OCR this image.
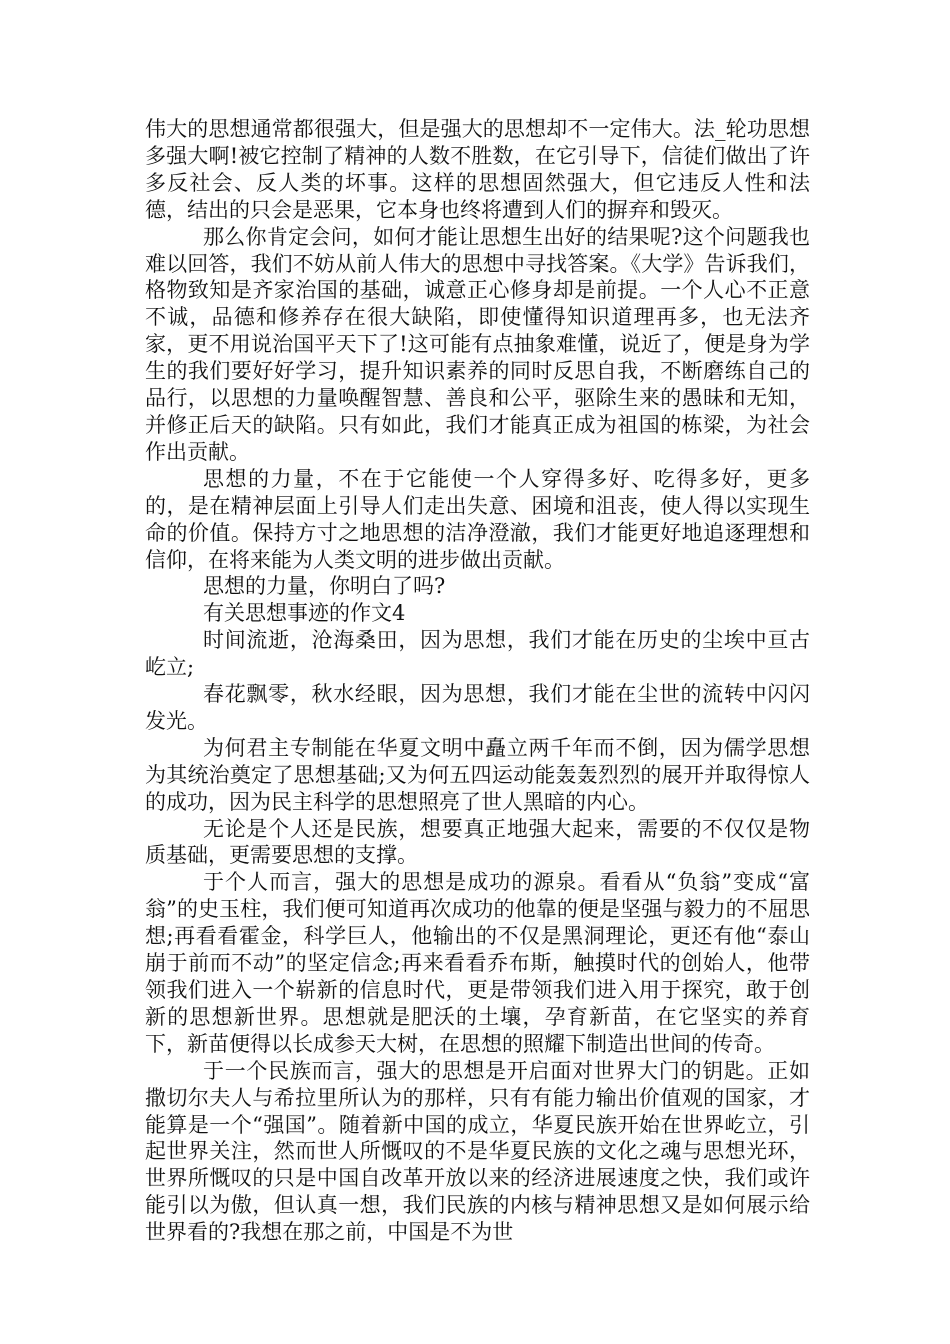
伟大的思想通常都很强大，但是强大的思想却不一定伟大。法_轮功思想多强大啊!被它控制了精神的人数不胜数，在它引导下，信徒们做出了许多反社会、反人类的坏事。这样的思想固然强大，但它违反人性和法德，结出的只会是恶果，它本身也终将遭到人们的摒弃和毁灭。

那么你肯定会问，如何才能让思想生出好的结果呢?这个问题我也难以回答，我们不妨从前人伟大的思想中寻找答案。《大学》告诉我们，格物致知是齐家治国的基础，诚意正心修身却是前提。一个人心不正意不诚，品德和修养存在很大缺陷，即使懂得知识道理再多，也无法齐家，更不用说治国平天下了!这可能有点抽象难懂，说近了，便是身为学生的我们要好好学习，提升知识素养的同时反思自我，不断磨练自己的品行，以思想的力量唤醒智慧、善良和公平，驱除生来的愚昧和无知，并修正后天的缺陷。只有如此，我们才能真正成为祖国的栋梁，为社会作出贡献。

思想的力量，不在于它能使一个人穿得多好、吃得多好，更多的，是在精神层面上引导人们走出失意、困境和沮丧，使人得以实现生命的价值。保持方寸之地思想的洁净澄澈，我们才能更好地追逐理想和信仰，在将来能为人类文明的进步做出贡献。

思想的力量，你明白了吗?

有关思想事迹的作文4

时间流逝，沧海桑田，因为思想，我们才能在历史的尘埃中亘古屹立;

春花飘零，秋水经眼，因为思想，我们才能在尘世的流转中闪闪发光。

为何君主专制能在华夏文明中矗立两千年而不倒，因为儒学思想为其统治奠定了思想基础;又为何五四运动能轰轰烈烈的展开并取得惊人的成功，因为民主科学的思想照亮了世人黑暗的内心。

无论是个人还是民族，想要真正地强大起来，需要的不仅仅是物质基础，更需要思想的支撑。

于个人而言，强大的思想是成功的源泉。看看从“负翁”变成“富翁”的史玉柱，我们便可知道再次成功的他靠的便是坚强与毅力的不屈思想;再看看霍金，科学巨人，他输出的不仅是黑洞理论，更还有他“泰山崩于前而不动”的坚定信念;再来看看乔布斯，触摸时代的创始人，他带领我们进入一个崭新的信息时代，更是带领我们进入用于探究，敢于创新的思想新世界。思想就是肥沃的土壤，孕育新苗，在它坚实的养育下，新苗便得以长成参天大树，在思想的照耀下制造出世间的传奇。

于一个民族而言，强大的思想是开启面对世界大门的钥匙。正如撒切尔夫人与希拉里所认为的那样，只有有能力输出价值观的国家，才能算是一个“强国”。随着新中国的成立，华夏民族开始在世界屹立，引起世界关注，然而世人所慨叹的不是华夏民族的文化之魂与思想光环，世界所慨叹的只是中国自改革开放以来的经济进展速度之快，我们或许能引以为傲，但认真一想，我们民族的内核与精神思想又是如何展示给世界看的?我想在那之前，中国是不为世
